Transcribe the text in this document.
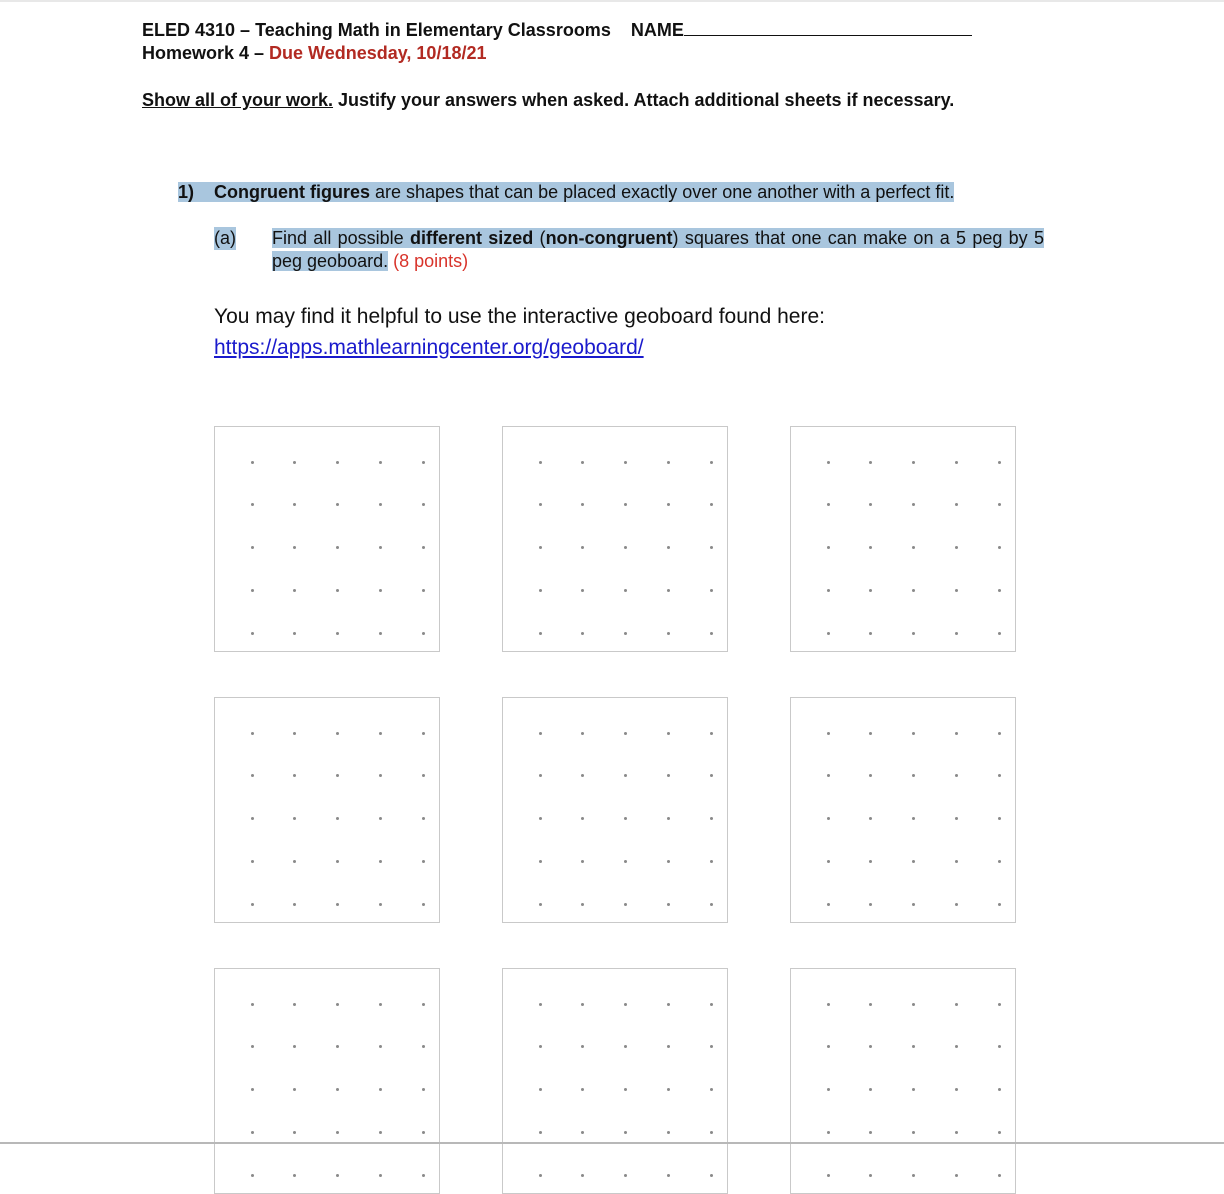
ELED 4310 – Teaching Math in Elementary Classrooms NAME
Homework 4 – Due Wednesday, 10/18/21
Show all of your work. Justify your answers when asked. Attach additional sheets if necessary.
1) Congruent figures are shapes that can be placed exactly over one another with a perfect fit.
(a) Find all possible different sized (non-congruent) squares that one can make on a 5 peg by 5 peg geoboard. (8 points)
You may find it helpful to use the interactive geoboard found here:
https://apps.mathlearningcenter.org/geoboard/
